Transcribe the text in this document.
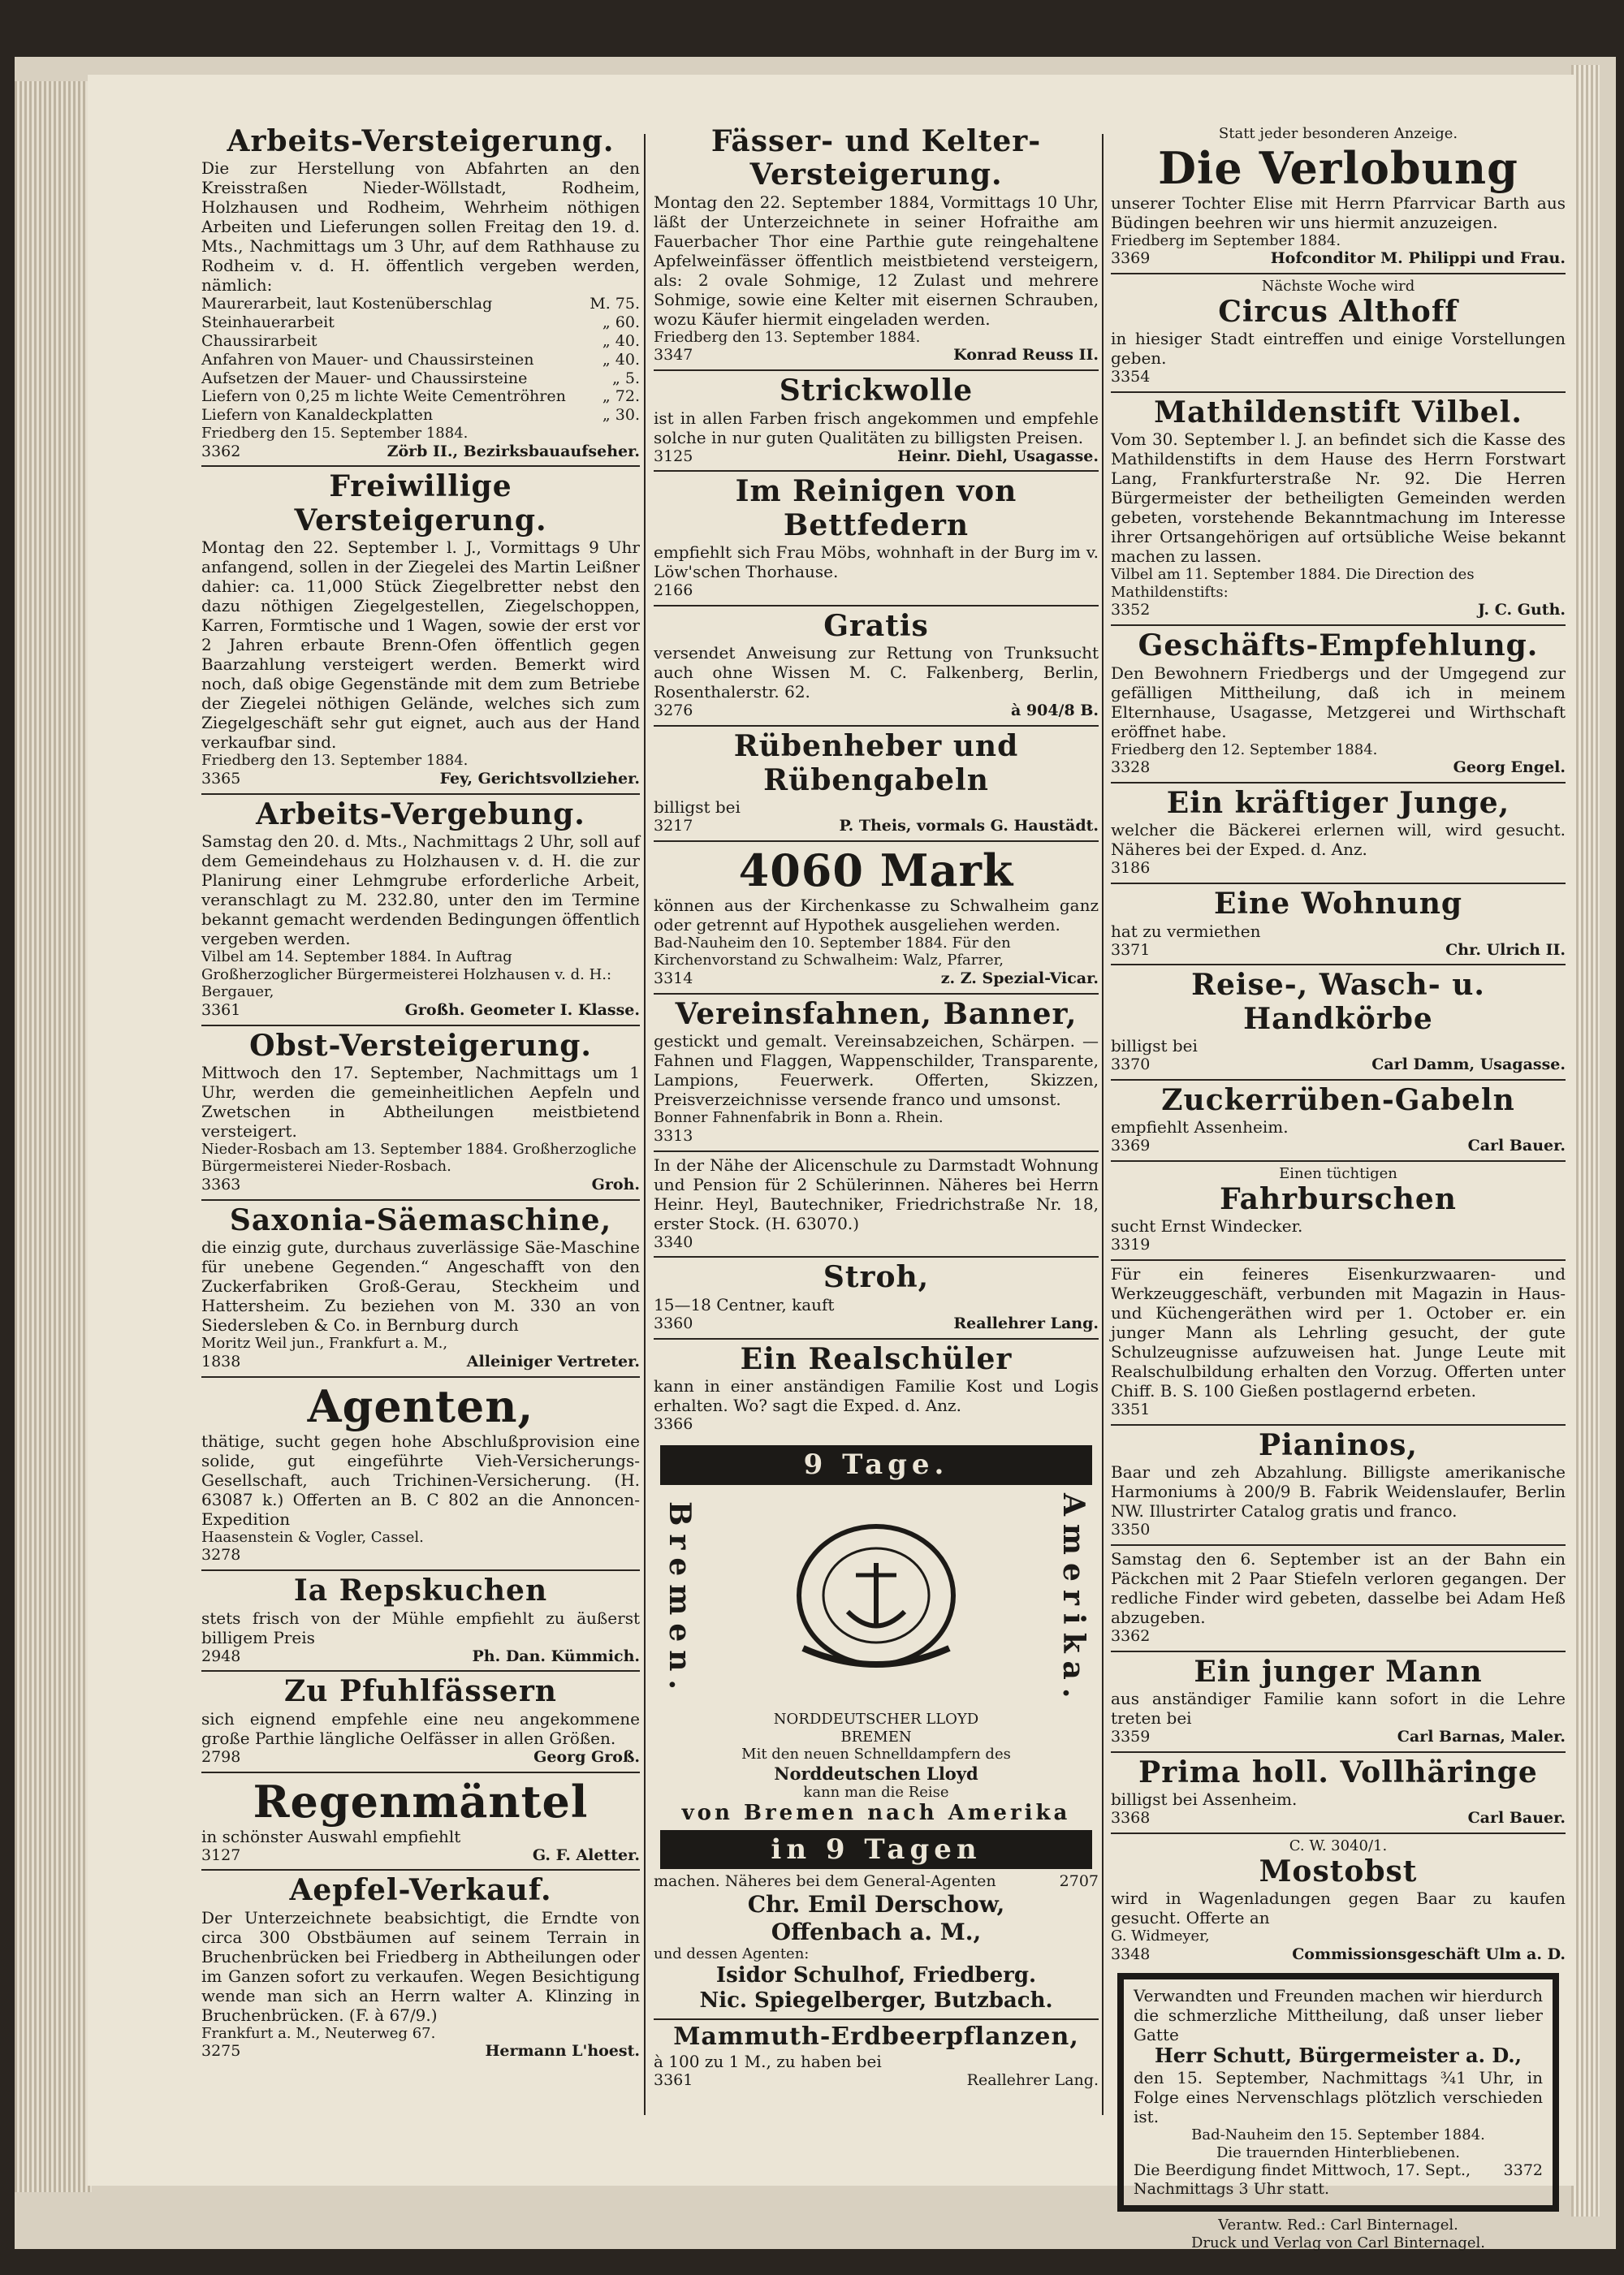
Arbeits-Versteigerung.
Die zur Herstellung von Abfahrten an den Kreisstraßen Nieder-Wöllstadt, Rodheim, Holzhausen und Rodheim, Wehrheim nöthigen Arbeiten und Lieferungen sollen Freitag den 19. d. Mts., Nachmittags um 3 Uhr, auf dem Rathhause zu Rodheim v. d. H. öffentlich vergeben werden, nämlich:
Maurerarbeit, laut Kostenüberschlag	M. 75.
Steinhauerarbeit	„ 60.
Chaussirarbeit	„ 40.
Anfahren von Mauer- und Chaussirsteinen	„ 40.
Aufsetzen der Mauer- und Chaussirsteine	„ 5.
Liefern von 0,25 m lichte Weite Cementröhren „ 72.
Liefern von Kanaldeckplatten	„ 30.
Friedberg den 15. September 1884.
3362	Zörb II., Bezirksbauaufseher.
Freiwillige Versteigerung.
Montag den 22. September l. J., Vormittags 9 Uhr anfangend, sollen in der Ziegelei des Martin Leißner dahier: ca. 11,000 Stück Ziegelbretter nebst den dazu nöthigen Ziegelgestellen, Ziegelschoppen, Karren, Formtische und 1 Wagen, sowie der erst vor 2 Jahren erbaute Brenn-Ofen öffentlich gegen Baarzahlung versteigert werden. Bemerkt wird noch, daß obige Gegenstände mit dem zum Betriebe der Ziegelei nöthigen Gelände, welches sich zum Ziegelgeschäft sehr gut eignet, auch aus der Hand verkaufbar sind.
Friedberg den 13. September 1884.
3365	Fey, Gerichtsvollzieher.
Arbeits-Vergebung.
Samstag den 20. d. Mts., Nachmittags 2 Uhr, soll auf dem Gemeindehaus zu Holzhausen v. d. H. die zur Planirung einer Lehmgrube erforderliche Arbeit, veranschlagt zu M. 232.80, unter den im Termine bekannt gemacht werdenden Bedingungen öffentlich vergeben werden.
Vilbel am 14. September 1884. In Auftrag Großherzoglicher Bürgermeisterei Holzhausen v. d. H.: Bergauer,
3361	Großh. Geometer I. Klasse.
Obst-Versteigerung.
Mittwoch den 17. September, Nachmittags um 1 Uhr, werden die gemeinheitlichen Aepfeln und Zwetschen in Abtheilungen meistbietend versteigert.
Nieder-Rosbach am 13. September 1884. Großherzogliche Bürgermeisterei Nieder-Rosbach.
3363	Groh.
Saxonia-Säemaschine,
die einzig gute, durchaus zuverlässige Säe-Maschine für unebene Gegenden.“ Angeschafft von den Zuckerfabriken Groß-Gerau, Steckheim und Hattersheim. Zu beziehen von M. 330 an von Siedersleben & Co. in Bernburg durch
Moritz Weil jun., Frankfurt a. M.,
1838	Alleiniger Vertreter.
Agenten,
thätige, sucht gegen hohe Abschlußprovision eine solide, gut eingeführte Vieh-Versicherungs-Gesellschaft, auch Trichinen-Versicherung. (H. 63087 k.) Offerten an B. C 802 an die Annoncen-Expedition
Haasenstein & Vogler, Cassel.
3278
Ia Repskuchen
stets frisch von der Mühle empfiehlt zu äußerst billigem Preis
2948	Ph. Dan. Kümmich.
Zu Pfuhlfässern
sich eignend empfehle eine neu angekommene große Parthie längliche Oelfässer in allen Größen.
2798	Georg Groß.
Regenmäntel
in schönster Auswahl empfiehlt
3127	G. F. Aletter.
Aepfel-Verkauf.
Der Unterzeichnete beabsichtigt, die Erndte von circa 300 Obstbäumen auf seinem Terrain in Bruchenbrücken bei Friedberg in Abtheilungen oder im Ganzen sofort zu verkaufen. Wegen Besichtigung wende man sich an Herrn walter A. Klinzing in Bruchenbrücken. (F. à 67/9.)
Frankfurt a. M., Neuterweg 67.
3275	Hermann L'hoest.
Fässer- und Kelter-Versteigerung.
Montag den 22. September 1884, Vormittags 10 Uhr, läßt der Unterzeichnete in seiner Hofraithe am Fauerbacher Thor eine Parthie gute reingehaltene Apfelweinfässer öffentlich meistbietend versteigern, als: 2 ovale Sohmige, 12 Zulast und mehrere Sohmige, sowie eine Kelter mit eisernen Schrauben, wozu Käufer hiermit eingeladen werden.
Friedberg den 13. September 1884.
3347	Konrad Reuss II.
Strickwolle
ist in allen Farben frisch angekommen und empfehle solche in nur guten Qualitäten zu billigsten Preisen.
3125	Heinr. Diehl, Usagasse.
Im Reinigen von Bettfedern
empfiehlt sich Frau Möbs, wohnhaft in der Burg im v. Löw'schen Thorhause.
2166
Gratis
versendet Anweisung zur Rettung von Trunksucht auch ohne Wissen M. C. Falkenberg, Berlin, Rosenthalerstr. 62.
3276	à 904/8 B.
Rübenheber und Rübengabeln
billigst bei
3217	P. Theis, vormals G. Haustädt.
4060 Mark
können aus der Kirchenkasse zu Schwalheim ganz oder getrennt auf Hypothek ausgeliehen werden.
Bad-Nauheim den 10. September 1884. Für den Kirchenvorstand zu Schwalheim: Walz, Pfarrer,
3314	z. Z. Spezial-Vicar.
Vereinsfahnen, Banner,
gestickt und gemalt. Vereinsabzeichen, Schärpen. — Fahnen und Flaggen, Wappenschilder, Transparente, Lampions, Feuerwerk. Offerten, Skizzen, Preisverzeichnisse versende franco und umsonst.
Bonner Fahnenfabrik in Bonn a. Rhein.
3313
In der Nähe der Alicenschule zu Darmstadt Wohnung und Pension für 2 Schülerinnen. Näheres bei Herrn Heinr. Heyl, Bautechniker, Friedrichstraße Nr. 18, erster Stock. (H. 63070.)
3340
Stroh,
15—18 Centner, kauft
3360	Reallehrer Lang.
Ein Realschüler
kann in einer anständigen Familie Kost und Logis erhalten. Wo? sagt die Exped. d. Anz.
3366
9 Tage.
Bremen.	Amerika.
NORDDEUTSCHER LLOYD
BREMEN
Mit den neuen Schnelldampfern des
Norddeutschen Lloyd
kann man die Reise
von Bremen nach Amerika
in 9 Tagen
machen. Näheres bei dem General-Agenten	2707
Chr. Emil Derschow,
Offenbach a. M.,
und dessen Agenten:
Isidor Schulhof, Friedberg.
Nic. Spiegelberger, Butzbach.
Mammuth-Erdbeerpflanzen,
à 100 zu 1 M., zu haben bei
3361	Reallehrer Lang.
Statt jeder besonderen Anzeige.
Die Verlobung
unserer Tochter Elise mit Herrn Pfarrvicar Barth aus Büdingen beehren wir uns hiermit anzuzeigen.
Friedberg im September 1884.
3369	Hofconditor M. Philippi und Frau.
Nächste Woche wird
Circus Althoff
in hiesiger Stadt eintreffen und einige Vorstellungen geben.
3354
Mathildenstift Vilbel.
Vom 30. September l. J. an befindet sich die Kasse des Mathildenstifts in dem Hause des Herrn Forstwart Lang, Frankfurterstraße Nr. 92. Die Herren Bürgermeister der betheiligten Gemeinden werden gebeten, vorstehende Bekanntmachung im Interesse ihrer Ortsangehörigen auf ortsübliche Weise bekannt machen zu lassen.
Vilbel am 11. September 1884. Die Direction des Mathildenstifts:
3352	J. C. Guth.
Geschäfts-Empfehlung.
Den Bewohnern Friedbergs und der Umgegend zur gefälligen Mittheilung, daß ich in meinem Elternhause, Usagasse, Metzgerei und Wirthschaft eröffnet habe.
Friedberg den 12. September 1884.
3328	Georg Engel.
Ein kräftiger Junge,
welcher die Bäckerei erlernen will, wird gesucht. Näheres bei der Exped. d. Anz.
3186
Eine Wohnung
hat zu vermiethen
3371	Chr. Ulrich II.
Reise-, Wasch- u. Handkörbe
billigst bei
3370	Carl Damm, Usagasse.
Zuckerrüben-Gabeln
empfiehlt Assenheim.
3369	Carl Bauer.
Einen tüchtigen
Fahrburschen
sucht Ernst Windecker.
3319
Für ein feineres Eisenkurzwaaren- und Werkzeuggeschäft, verbunden mit Magazin in Haus- und Küchengeräthen wird per 1. October er. ein junger Mann als Lehrling gesucht, der gute Schulzeugnisse aufzuweisen hat. Junge Leute mit Realschulbildung erhalten den Vorzug. Offerten unter Chiff. B. S. 100 Gießen postlagernd erbeten.
3351
Pianinos,
Baar und zeh Abzahlung. Billigste amerikanische Harmoniums à 200/9 B. Fabrik Weidenslaufer, Berlin NW. Illustrirter Catalog gratis und franco.
3350
Samstag den 6. September ist an der Bahn ein Päckchen mit 2 Paar Stiefeln verloren gegangen. Der redliche Finder wird gebeten, dasselbe bei Adam Heß abzugeben.
3362
Ein junger Mann
aus anständiger Familie kann sofort in die Lehre treten bei
3359	Carl Barnas, Maler.
Prima holl. Vollhäringe
billigst bei Assenheim.
3368	Carl Bauer.
C. W. 3040/1.
Mostobst
wird in Wagenladungen gegen Baar zu kaufen gesucht. Offerte an
G. Widmeyer,
3348	Commissionsgeschäft Ulm a. D.
Verwandten und Freunden machen wir hierdurch die schmerzliche Mittheilung, daß unser lieber Gatte
Herr Schutt, Bürgermeister a. D.,
den 15. September, Nachmittags ¾1 Uhr, in Folge eines Nervenschlags plötzlich verschieden ist.
Bad-Nauheim den 15. September 1884.
Die trauernden Hinterbliebenen.
Die Beerdigung findet Mittwoch, 17. Sept., Nachmittags 3 Uhr statt.
3372
Verantw. Red.: Carl Binternagel.
Druck und Verlag von Carl Binternagel.
